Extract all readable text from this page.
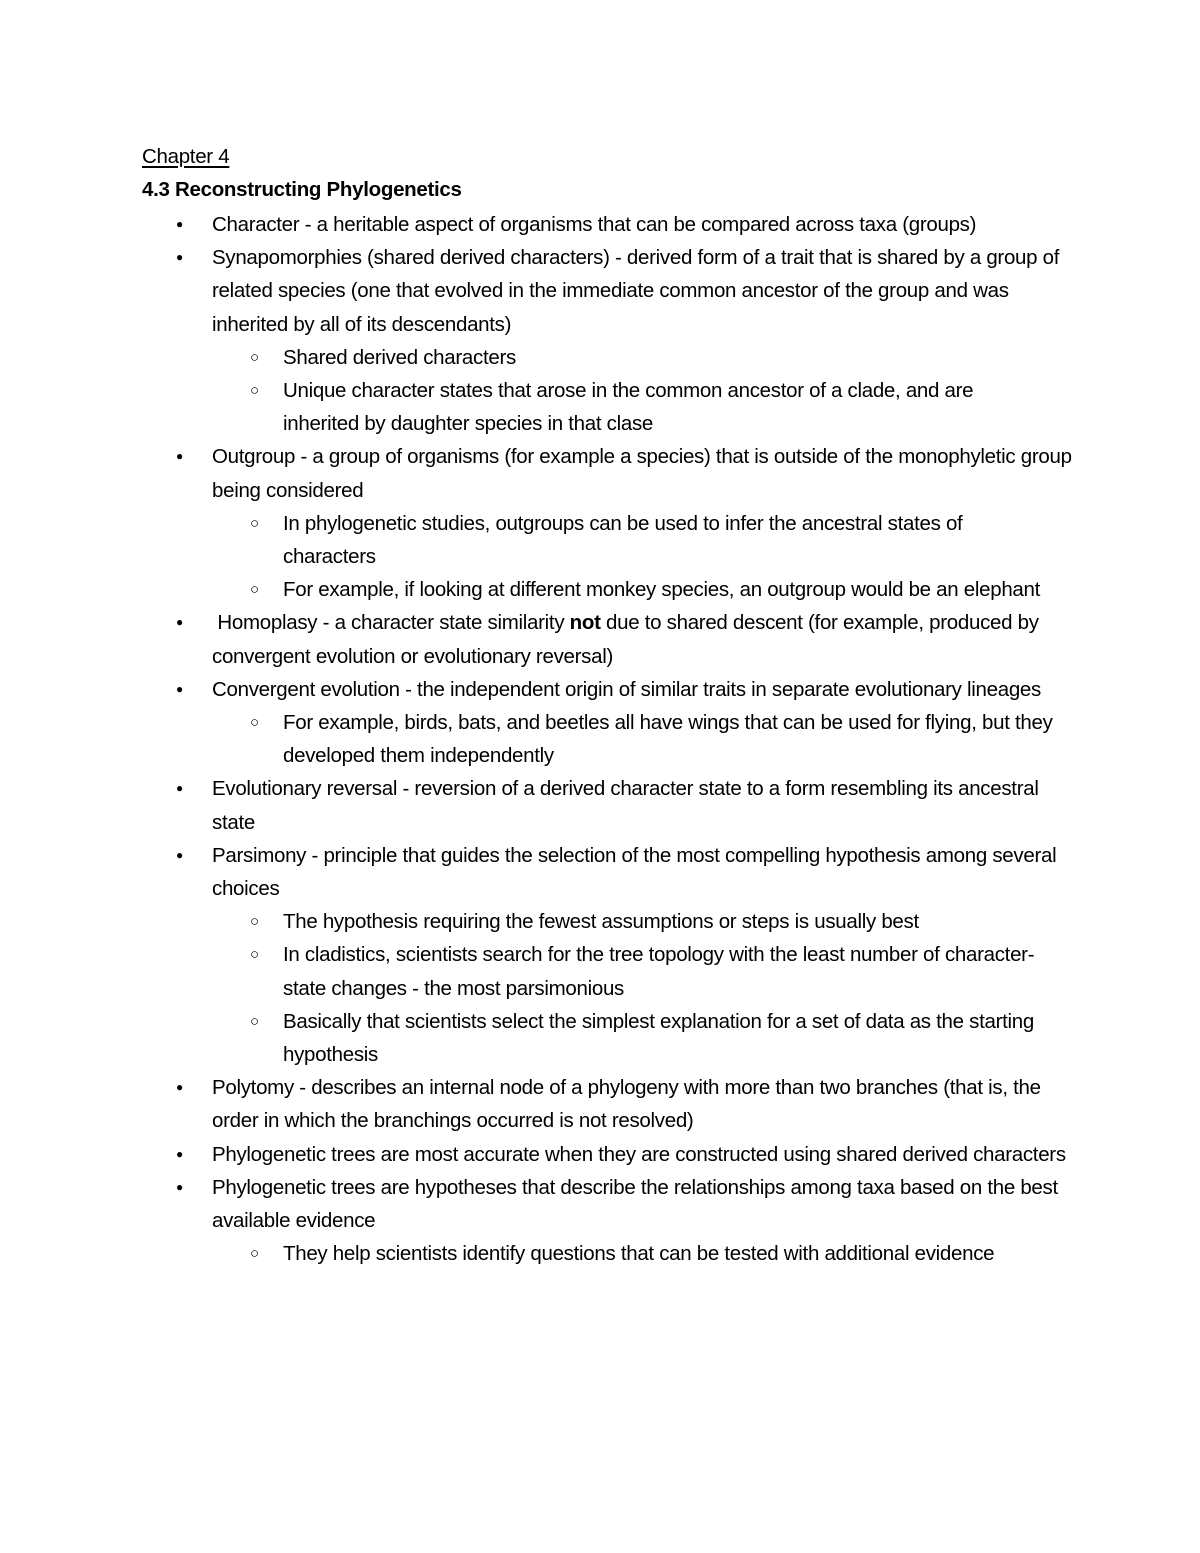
Chapter 4
4.3 Reconstructing Phylogenetics
● Character - a heritable aspect of organisms that can be compared across taxa (groups)
● Synapomorphies (shared derived characters) - derived form of a trait that is shared by a group of related species (one that evolved in the immediate common ancestor of the group and was inherited by all of its descendants)
○ Shared derived characters
○ Unique character states that arose in the common ancestor of a clade, and are inherited by daughter species in that clase
● Outgroup - a group of organisms (for example a species) that is outside of the monophyletic group being considered
○ In phylogenetic studies, outgroups can be used to infer the ancestral states of characters
○ For example, if looking at different monkey species, an outgroup would be an elephant
● Homoplasy - a character state similarity not due to shared descent (for example, produced by convergent evolution or evolutionary reversal)
● Convergent evolution - the independent origin of similar traits in separate evolutionary lineages
○ For example, birds, bats, and beetles all have wings that can be used for flying, but they developed them independently
● Evolutionary reversal - reversion of a derived character state to a form resembling its ancestral state
● Parsimony - principle that guides the selection of the most compelling hypothesis among several choices
○ The hypothesis requiring the fewest assumptions or steps is usually best
○ In cladistics, scientists search for the tree topology with the least number of character-state changes - the most parsimonious
○ Basically that scientists select the simplest explanation for a set of data as the starting hypothesis
● Polytomy - describes an internal node of a phylogeny with more than two branches (that is, the order in which the branchings occurred is not resolved)
● Phylogenetic trees are most accurate when they are constructed using shared derived characters
● Phylogenetic trees are hypotheses that describe the relationships among taxa based on the best available evidence
○ They help scientists identify questions that can be tested with additional evidence
